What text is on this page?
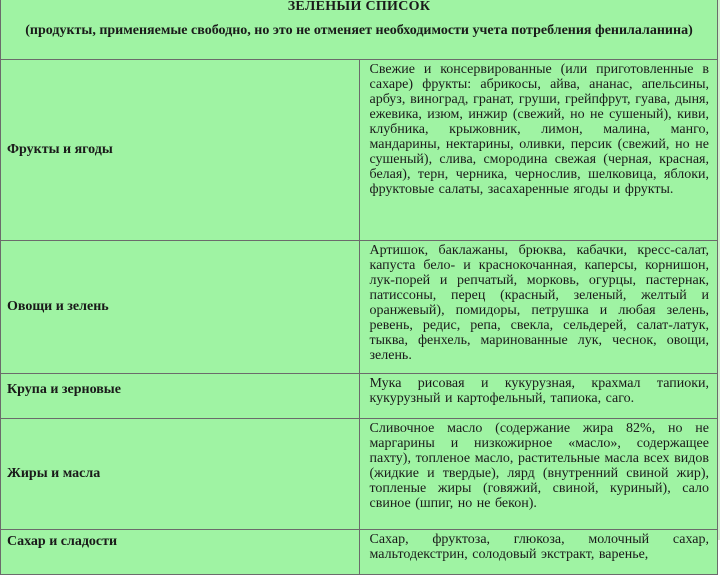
ЗЕЛЕНЫЙ СПИСОК
(продукты, применяемые свободно, но это не отменяет необходимости учета потребления фенилаланина)	

Фрукты и ягоды	Свежие и консервированные (или приготовленные в сахаре) фрукты: абрикосы, айва, ананас, апельсины, арбуз, виноград, гранат, груши, грейпфрут, гуава, дыня, ежевика, изюм, инжир (свежий, но не сушеный), киви, клубника, крыжовник, лимон, малина, манго, мандарины, нектарины, оливки, персик (свежий, но не сушеный), слива, смородина свежая (черная, красная, белая), терн, черника, чернослив, шелковица, яблоки, фруктовые салаты, засахаренные ягоды и фрукты.

Овощи и зелень	Артишок, баклажаны, брюква, кабачки, кресс-салат, капуста бело- и краснокочанная, каперсы, корнишон, лук-порей и репчатый, морковь, огурцы, пастернак, патиссоны, перец (красный, зеленый, желтый и оранжевый), помидоры, петрушка и любая зелень, ревень, редис, репа, свекла, сельдерей, салат-латук, тыква, фенхель, маринованные лук, чеснок, овощи, зелень.

Крупа и зерновые	Мука рисовая и кукурузная, крахмал тапиоки, кукурузный и картофельный, тапиока, саго.

Жиры и масла	Сливочное масло (содержание жира 82%, но не маргарины и низкожирное «масло», содержащее пахту), топленое масло, растительные масла всех видов (жидкие и твердые), лярд (внутренний свиной жир), топленые жиры (говяжий, свиной, куриный), сало свиное (шпиг, но не бекон).

Сахар и сладости	Сахар, фруктоза, глюкоза, молочный сахар, мальтодекстрин, солодовый экстракт, варенье,
